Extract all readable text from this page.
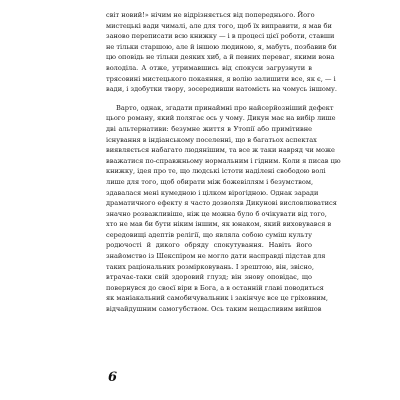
світ новий!» нічим не відрізняється від попереднього. Його
мистецькі вади чималі, але для того, щоб їх виправити, я мав би
заново переписати всю книжку — і в процесі цієї роботи, ставши
не тільки старшою, але й іншою людиною, я, мабуть, позбавив би
цю оповідь не тільки деяких хиб, а й певних переваг, якими вона
володіла. А отже, утримавшись від спокуси загрузнути в
трясовині мистецького покаяння, я волію залишити все, як є, — і
вади, і здобутки твору, зосередивши натомість на чомусь іншому.

Варто, однак, згадати принаймні про найсерйозніший дефект
цього роману, який полягає ось у чому. Дикун має на вибір лише
дві альтернативи: безумне життя в Утопії або примітивне
існування в індіанському поселенні, що в багатьох аспектах
виявляється набагато людянішим, та все ж таки навряд чи може
вважатися по-справжньому нормальним і гідним. Коли я писав цю
книжку, ідея про те, що людські істоти наділені свободою волі
лише для того, щоб обирати між божевіллям і безумством,
здавалася мені кумедною і цілком вірогідною. Однак заради
драматичного ефекту я часто дозволяв Дикунові висловлюватися
значно розважливіше, ніж це можна було б очікувати від того,
хто не мав би бути ніким іншим, як юнаком, який виховувався в
середовищі адептів релігії, що являла собою суміш культу
родючості й дикого обряду спокутування. Навіть його
знайомство із Шекспіром не могло дати насправді підстав для
таких раціональних розмірковувань. І зрештою, він, звісно,
втрачає-таки свій здоровий глузд; він знову оповідає, що
повернувся до своєї віри в Бога, а в останній главі поводиться
як маніакальний самобичувальник і закінчує все це гріховним,
відчайдушним самогубством. Ось таким нещасливим вийшов

6
